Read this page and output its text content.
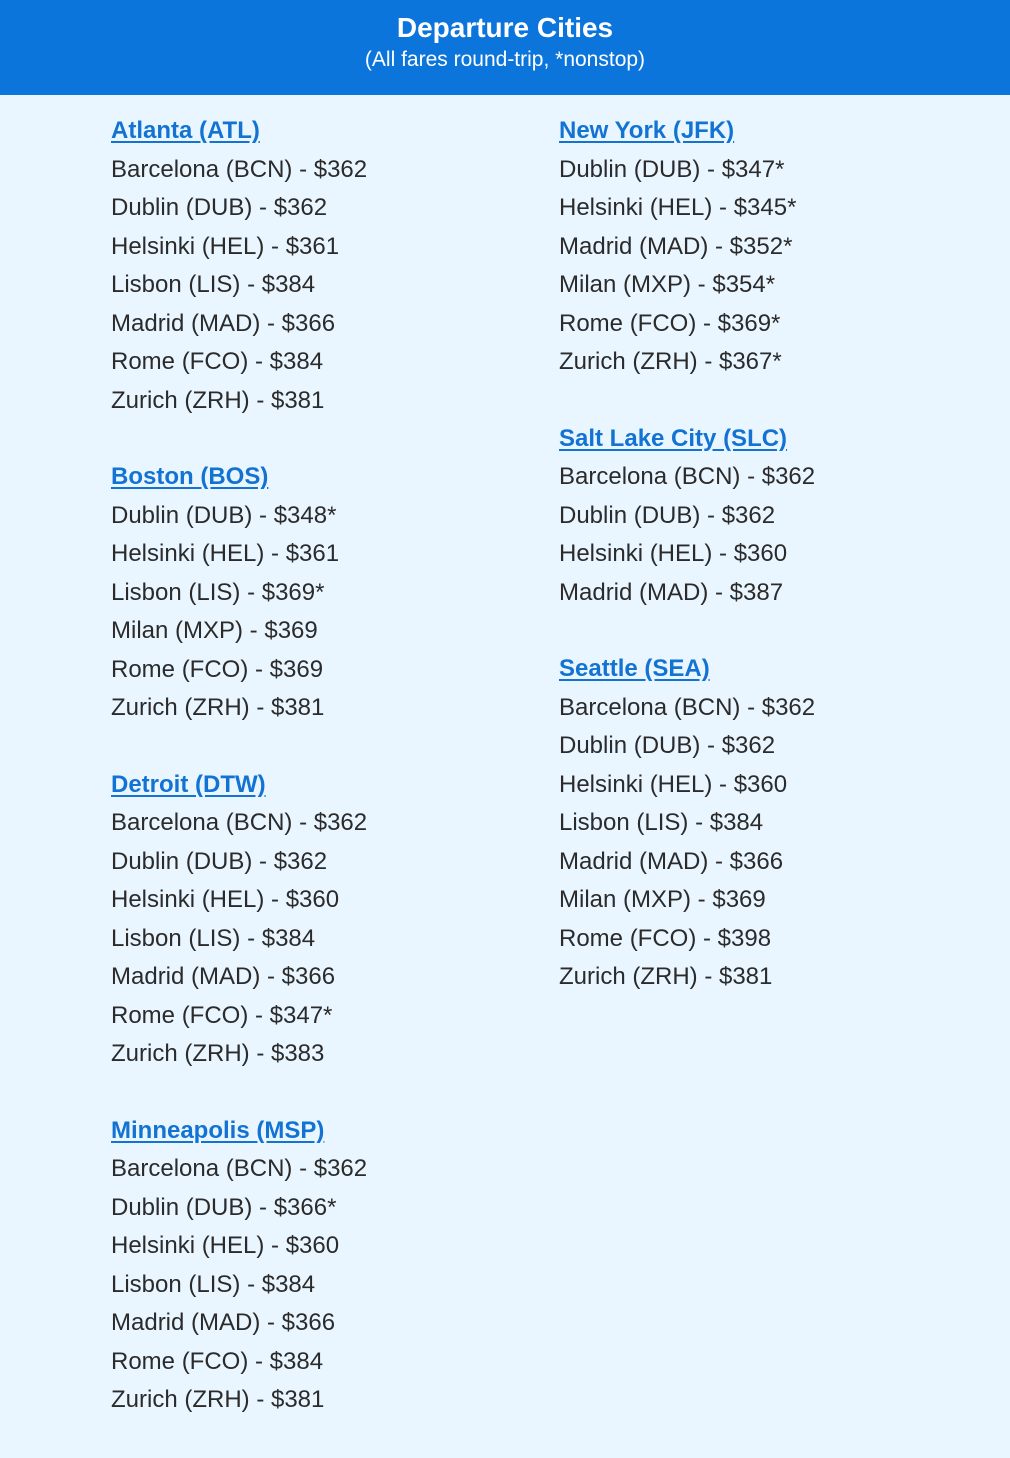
Departure Cities
(All fares round-trip, *nonstop)
Atlanta (ATL)
Barcelona (BCN) - $362
Dublin (DUB) - $362
Helsinki (HEL) - $361
Lisbon (LIS) - $384
Madrid (MAD) - $366
Rome (FCO) - $384
Zurich (ZRH) - $381
Boston (BOS)
Dublin (DUB) - $348*
Helsinki (HEL) - $361
Lisbon (LIS) - $369*
Milan (MXP) - $369
Rome (FCO) - $369
Zurich (ZRH) - $381
Detroit (DTW)
Barcelona (BCN) - $362
Dublin (DUB) - $362
Helsinki (HEL) - $360
Lisbon (LIS) - $384
Madrid (MAD) - $366
Rome (FCO) - $347*
Zurich (ZRH) - $383
Minneapolis (MSP)
Barcelona (BCN) - $362
Dublin (DUB) - $366*
Helsinki (HEL) - $360
Lisbon (LIS) - $384
Madrid (MAD) - $366
Rome (FCO) - $384
Zurich (ZRH) - $381
New York (JFK)
Dublin (DUB) - $347*
Helsinki (HEL) - $345*
Madrid (MAD) - $352*
Milan (MXP) - $354*
Rome (FCO) - $369*
Zurich (ZRH) - $367*
Salt Lake City (SLC)
Barcelona (BCN) - $362
Dublin (DUB) - $362
Helsinki (HEL) - $360
Madrid (MAD) - $387
Seattle (SEA)
Barcelona (BCN) - $362
Dublin (DUB) - $362
Helsinki (HEL) - $360
Lisbon (LIS) - $384
Madrid (MAD) - $366
Milan (MXP) - $369
Rome (FCO) - $398
Zurich (ZRH) - $381
